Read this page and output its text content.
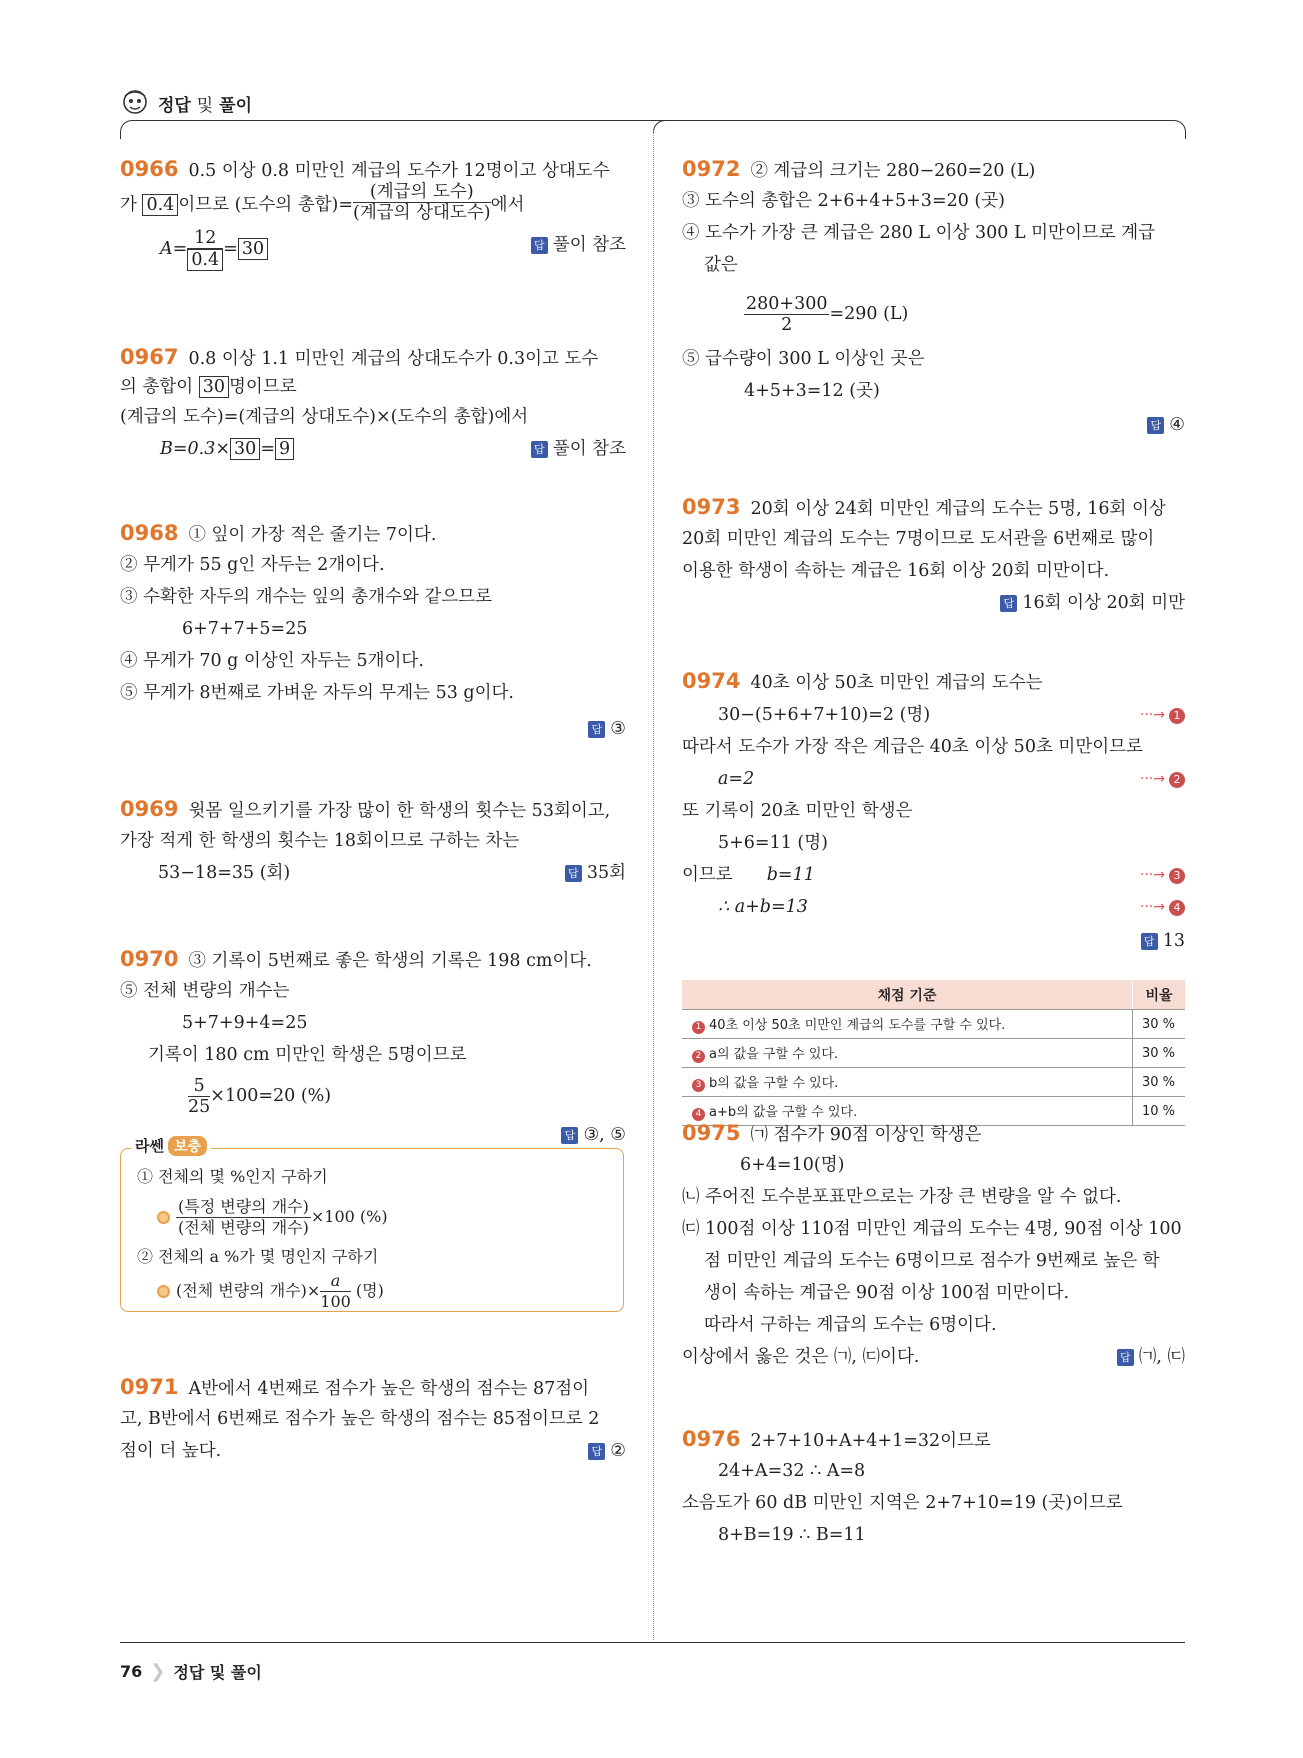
정답 및 풀이
0966 0.5 이상 0.8 미만인 계급의 도수가 12명이고 상대도수
가 0.4 이므로 (도수의 총합)= $\frac{\text{(계급의 도수)}}{\text{(계급의 상대도수)}}$ 에서
$A= \frac{12}{0.4} = 30$	답 풀이 참조
0967 0.8 이상 1.1 미만인 계급의 상대도수가 0.3이고 도수
의 총합이 30 명이므로
(계급의 도수)=(계급의 상대도수)×(도수의 총합)에서
B=0.3× 30 = 9	답 풀이 참조
0968 ① 잎이 가장 적은 줄기는 7이다.
② 무게가 55 g인 자두는 2개이다.
③ 수확한 자두의 개수는 잎의 총개수와 같으므로
6+7+7+5=25
④ 무게가 70 g 이상인 자두는 5개이다.
⑤ 무게가 8번째로 가벼운 자두의 무게는 53 g이다.
답 ③
0969 윗몸 일으키기를 가장 많이 한 학생의 횟수는 53회이고,
가장 적게 한 학생의 횟수는 18회이므로 구하는 차는
53−18=35 (회)	답 35회
0970 ③ 기록이 5번째로 좋은 학생의 기록은 198 cm이다.
⑤ 전체 변량의 개수는
5+7+9+4=25
기록이 180 cm 미만인 학생은 5명이므로
$\frac{5}{25} \times 100=20$ (%)
답 ③, ⑤
라쎈 보충
① 전체의 몇 %인지 구하기
$\frac{\text{(특정 변량의 개수)}}{\text{(전체 변량의 개수)}} \times 100$ (%)
② 전체의 a %가 몇 명인지 구하기
(전체 변량의 개수)× $\frac{a}{100}$ (명)
0971 A반에서 4번째로 점수가 높은 학생의 점수는 87점이
고, B반에서 6번째로 점수가 높은 학생의 점수는 85점이므로 2
점이 더 높다.	답 ②
0972 ② 계급의 크기는 280−260=20 (L)
③ 도수의 총합은 2+6+4+5+3=20 (곳)
④ 도수가 가장 큰 계급은 280 L 이상 300 L 미만이므로 계급
값은
$\frac{280+300}{2} =290$ (L)
⑤ 급수량이 300 L 이상인 곳은
4+5+3=12 (곳)
답 ④
0973 20회 이상 24회 미만인 계급의 도수는 5명, 16회 이상
20회 미만인 계급의 도수는 7명이므로 도서관을 6번째로 많이
이용한 학생이 속하는 계급은 16회 이상 20회 미만이다.
답 16회 이상 20회 미만
0974 40초 이상 50초 미만인 계급의 도수는
30−(5+6+7+10)=2 (명)	···→ 1
따라서 도수가 가장 작은 계급은 40초 이상 50초 미만이므로
a=2	···→ 2
또 기록이 20초 미만인 학생은
5+6=11 (명)
이므로 b=11	···→ 3
∴ a+b=13	···→ 4
답 13
채점 기준	비율
1 40초 이상 50초 미만인 계급의 도수를 구할 수 있다.	30 %
2 a의 값을 구할 수 있다.	30 %
3 b의 값을 구할 수 있다.	30 %
4 a+b의 값을 구할 수 있다.	10 %
0975 ㈀ 점수가 90점 이상인 학생은
6+4=10(명)
㈁ 주어진 도수분포표만으로는 가장 큰 변량을 알 수 없다.
㈂ 100점 이상 110점 미만인 계급의 도수는 4명, 90점 이상 100
점 미만인 계급의 도수는 6명이므로 점수가 9번째로 높은 학
생이 속하는 계급은 90점 이상 100점 미만이다.
따라서 구하는 계급의 도수는 6명이다.
이상에서 옳은 것은 ㈀, ㈂이다.	답 ㈀, ㈂
0976 2+7+10+A+4+1=32이므로
24+A=32 ∴ A=8
소음도가 60 dB 미만인 지역은 2+7+10=19 (곳)이므로
8+B=19 ∴ B=11
76 ❯ 정답 및 풀이
